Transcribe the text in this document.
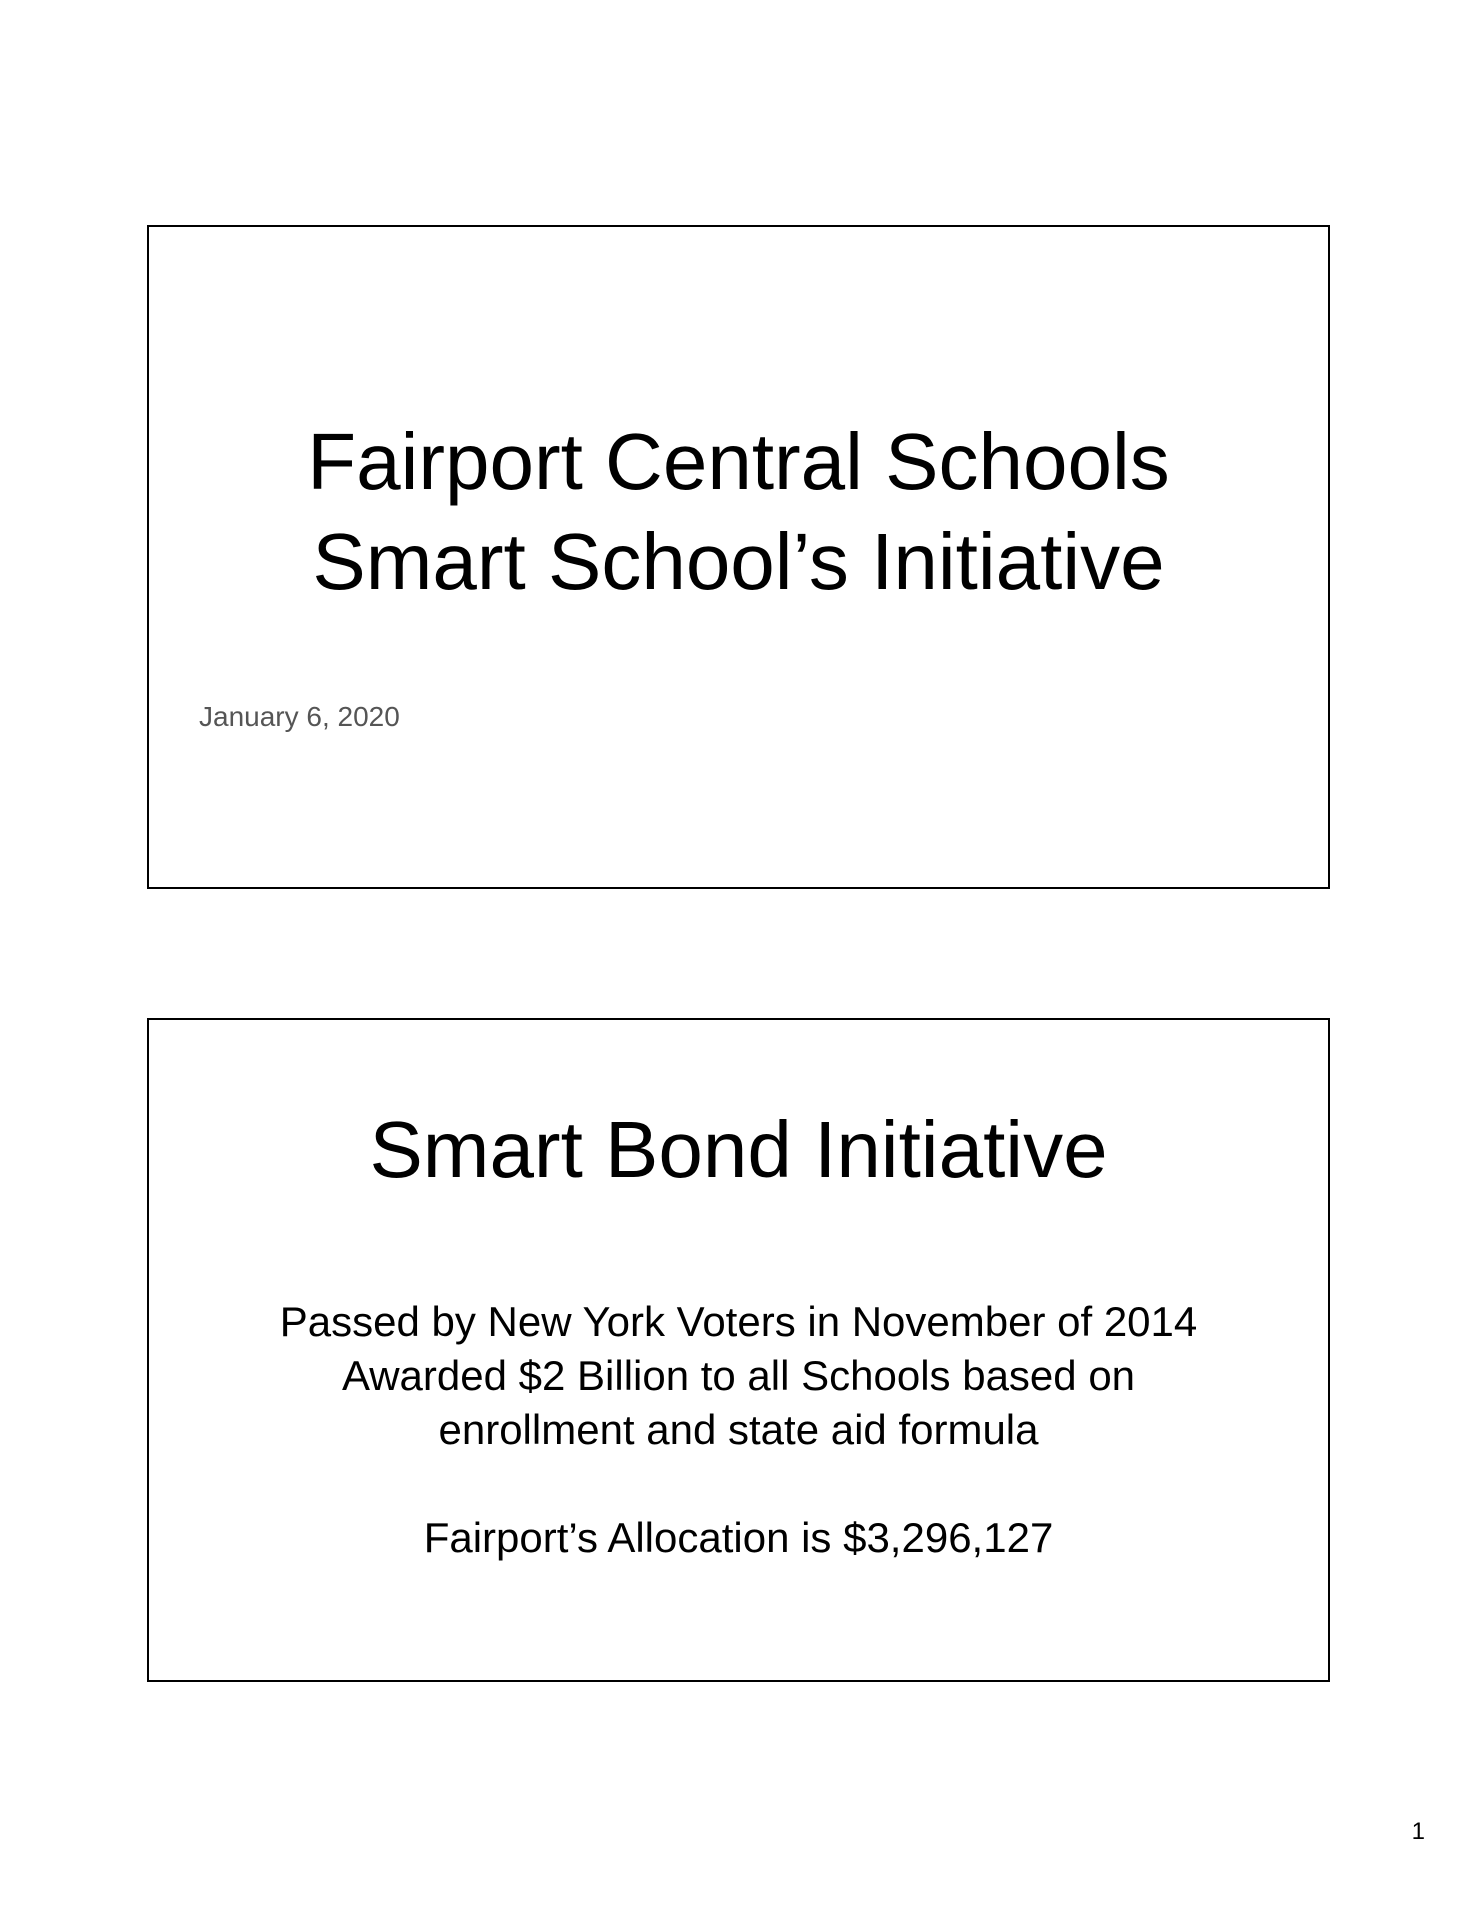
Fairport Central Schools
Smart School’s Initiative
January 6, 2020
Smart Bond Initiative
Passed by New York Voters in November of 2014
Awarded $2 Billion to all Schools based on
enrollment and state aid formula
Fairport’s Allocation is $3,296,127
1
